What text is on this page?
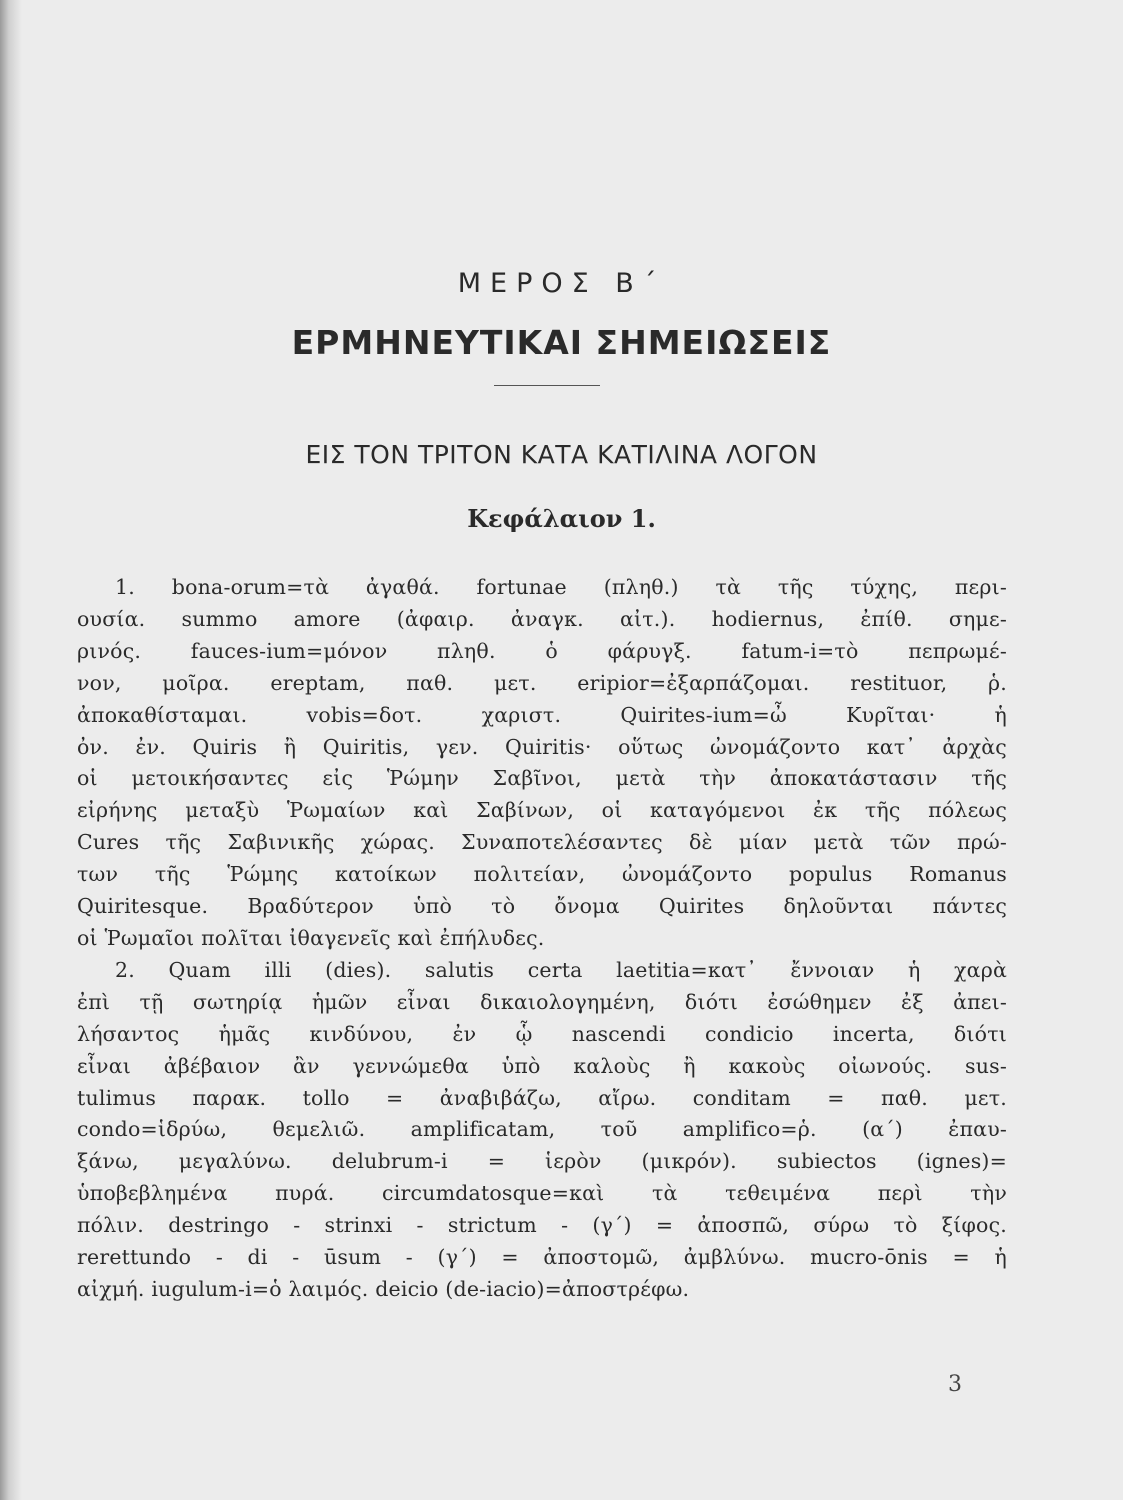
ΜΕΡΟΣ Β΄
ΕΡΜΗΝΕΥΤΙΚΑΙ ΣΗΜΕΙΩΣΕΙΣ
ΕΙΣ ΤΟΝ ΤΡΙΤΟΝ ΚΑΤΑ ΚΑΤΙΛΙΝΑ ΛΟΓΟΝ
Κεφάλαιον 1.
1. bona-orum=τὰ ἀγαθά. fortunae (πληθ.) τὰ τῆς τύχης, περι-
ουσία. summo amore (ἀφαιρ. ἀναγκ. αἰτ.). hodiernus, ἐπίθ. σημε-
ρινός. fauces-ium=μόνον πληθ. ὁ φάρυγξ. fatum-i=τὸ πεπρωμέ-
νον, μοῖρα. ereptam, παθ. μετ. eripior=ἐξαρπάζομαι. restituor, ῥ.
ἀποκαθίσταμαι. vobis=δοτ. χαριστ. Quirites-ium=ὦ Κυρῖται· ἡ
ὀν. ἐν. Quiris ἢ Quiritis, γεν. Quiritis· οὕτως ὠνομάζοντο κατ᾽ ἀρχὰς
οἱ μετοικήσαντες εἰς Ῥώμην Σαβῖνοι, μετὰ τὴν ἀποκατάστασιν τῆς
εἰρήνης μεταξὺ Ῥωμαίων καὶ Σαβίνων, οἱ καταγόμενοι ἐκ τῆς πόλεως
Cures τῆς Σαβινικῆς χώρας. Συναποτελέσαντες δὲ μίαν μετὰ τῶν πρώ-
των τῆς Ῥώμης κατοίκων πολιτείαν, ὠνομάζοντο populus Romanus
Quiritesque. Βραδύτερον ὑπὸ τὸ ὄνομα Quirites δηλοῦνται πάντες
οἱ Ῥωμαῖοι πολῖται ἰθαγενεῖς καὶ ἐπήλυδες.
2. Quam illi (dies). salutis certa laetitia=κατ᾽ ἔννοιαν ἡ χαρὰ
ἐπὶ τῇ σωτηρίᾳ ἡμῶν εἶναι δικαιολογημένη, διότι ἐσώθημεν ἐξ ἀπει-
λήσαντος ἡμᾶς κινδύνου, ἐν ᾧ nascendi condicio incerta, διότι
εἶναι ἀβέβαιον ἂν γεννώμεθα ὑπὸ καλοὺς ἢ κακοὺς οἰωνούς. sus-
tulimus παρακ. tollo = ἀναβιβάζω, αἴρω. conditam = παθ. μετ.
condo=ἱδρύω, θεμελιῶ. amplificatam, τοῦ amplifico=ῥ. (α΄) ἐπαυ-
ξάνω, μεγαλύνω. delubrum-i = ἱερὸν (μικρόν). subiectos (ignes)=
ὑποβεβλημένα πυρά. circumdatosque=καὶ τὰ τεθειμένα περὶ τὴν
πόλιν. destringo - strinxi - strictum - (γ΄) = ἀποσπῶ, σύρω τὸ ξίφος.
rerettundo - di - ūsum - (γ΄) = ἀποστομῶ, ἀμβλύνω. mucro-ōnis = ἡ
αἰχμή. iugulum-i=ὁ λαιμός. deicio (de-iacio)=ἀποστρέφω.
3
